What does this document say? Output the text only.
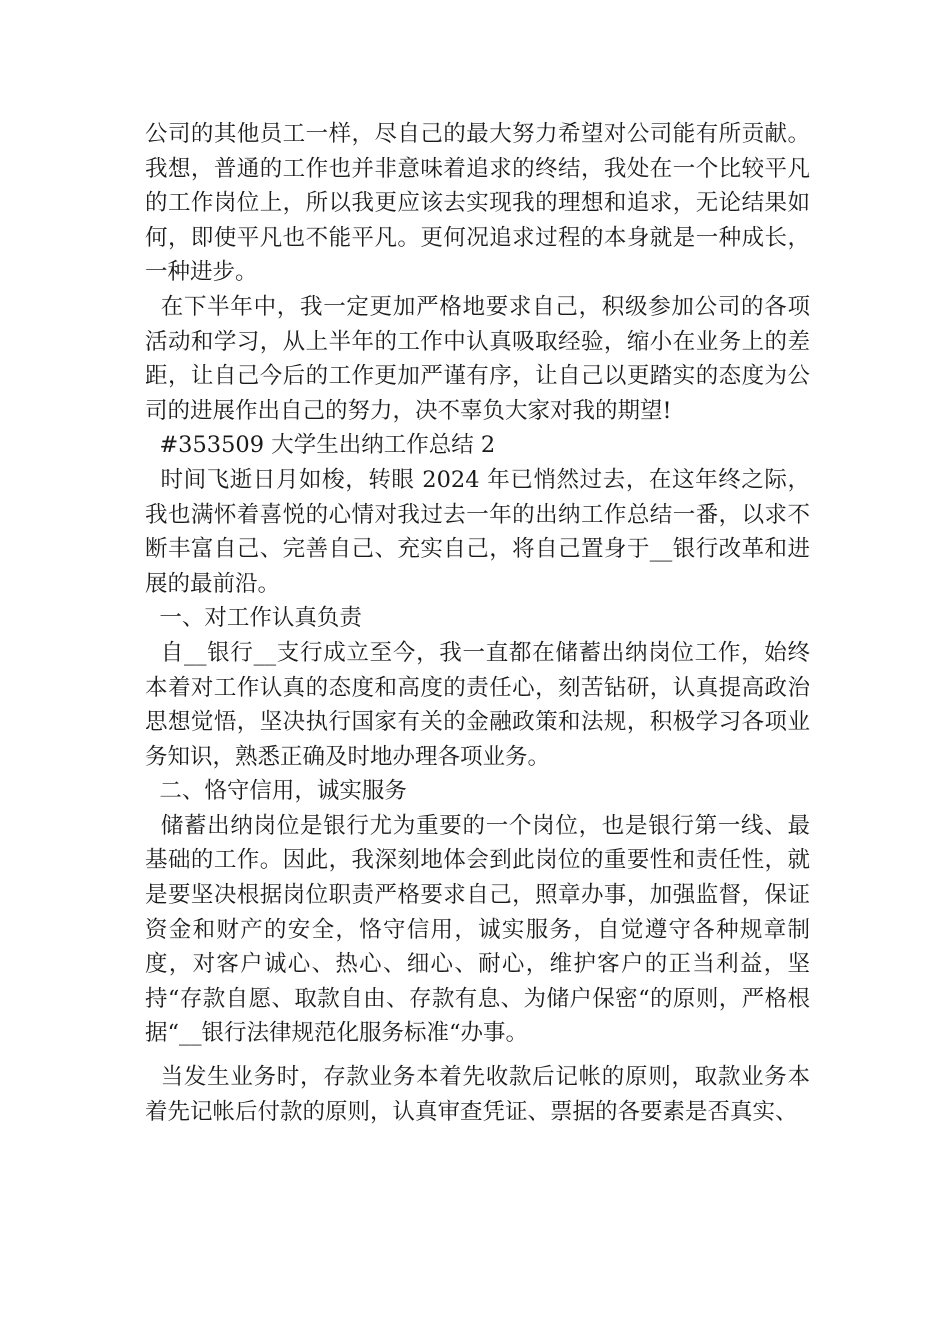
公司的其他员工一样，尽自己的最大努力希望对公司能有所贡献。我想，普通的工作也并非意味着追求的终结，我处在一个比较平凡的工作岗位上，所以我更应该去实现我的理想和追求，无论结果如何，即使平凡也不能平凡。更何况追求过程的本身就是一种成长，一种进步。

在下半年中，我一定更加严格地要求自己，积级参加公司的各项活动和学习，从上半年的工作中认真吸取经验，缩小在业务上的差距，让自己今后的工作更加严谨有序，让自己以更踏实的态度为公司的进展作出自己的努力，决不辜负大家对我的期望!

#353509 大学生出纳工作总结 2

时间飞逝日月如梭，转眼 2024 年已悄然过去，在这年终之际，我也满怀着喜悦的心情对我过去一年的出纳工作总结一番，以求不断丰富自己、完善自己、充实自己，将自己置身于__银行改革和进展的最前沿。

一、对工作认真负责

自__银行__支行成立至今，我一直都在储蓄出纳岗位工作，始终本着对工作认真的态度和高度的责任心，刻苦钻研，认真提高政治思想觉悟，坚决执行国家有关的金融政策和法规，积极学习各项业务知识，熟悉正确及时地办理各项业务。

二、恪守信用，诚实服务

储蓄出纳岗位是银行尤为重要的一个岗位，也是银行第一线、最基础的工作。因此，我深刻地体会到此岗位的重要性和责任性，就是要坚决根据岗位职责严格要求自己，照章办事，加强监督，保证资金和财产的安全，恪守信用，诚实服务，自觉遵守各种规章制度，对客户诚心、热心、细心、耐心，维护客户的正当利益，坚持“存款自愿、取款自由、存款有息、为储户保密“的原则，严格根据“__银行法律规范化服务标准“办事。

当发生业务时，存款业务本着先收款后记帐的原则，取款业务本着先记帐后付款的原则，认真审查凭证、票据的各要素是否真实、
